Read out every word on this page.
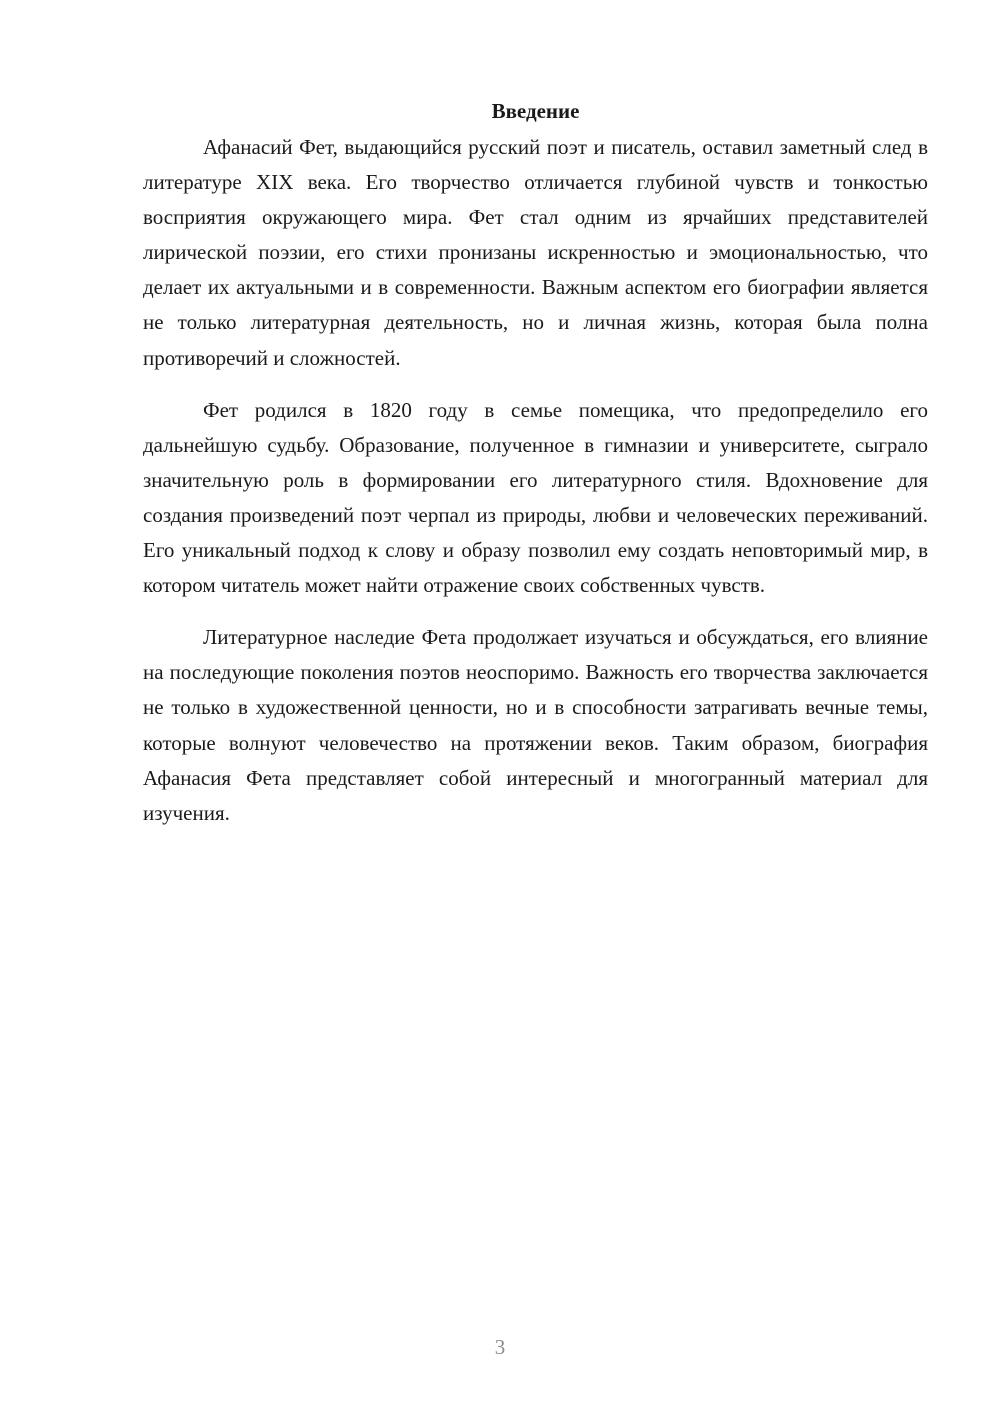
Введение

Афанасий Фет, выдающийся русский поэт и писатель, оставил заметный след в литературе XIX века. Его творчество отличается глубиной чувств и тонкостью восприятия окружающего мира. Фет стал одним из ярчайших представителей лирической поэзии, его стихи пронизаны искренностью и эмоциональностью, что делает их актуальными и в современности. Важным аспектом его биографии является не только литературная деятельность, но и личная жизнь, которая была полна противоречий и сложностей.

Фет родился в 1820 году в семье помещика, что предопределило его дальнейшую судьбу. Образование, полученное в гимназии и университете, сыграло значительную роль в формировании его литературного стиля. Вдохновение для создания произведений поэт черпал из природы, любви и человеческих переживаний. Его уникальный подход к слову и образу позволил ему создать неповторимый мир, в котором читатель может найти отражение своих собственных чувств.

Литературное наследие Фета продолжает изучаться и обсуждаться, его влияние на последующие поколения поэтов неоспоримо. Важность его творчества заключается не только в художественной ценности, но и в способности затрагивать вечные темы, которые волнуют человечество на протяжении веков. Таким образом, биография Афанасия Фета представляет собой интересный и многогранный материал для изучения.

3
